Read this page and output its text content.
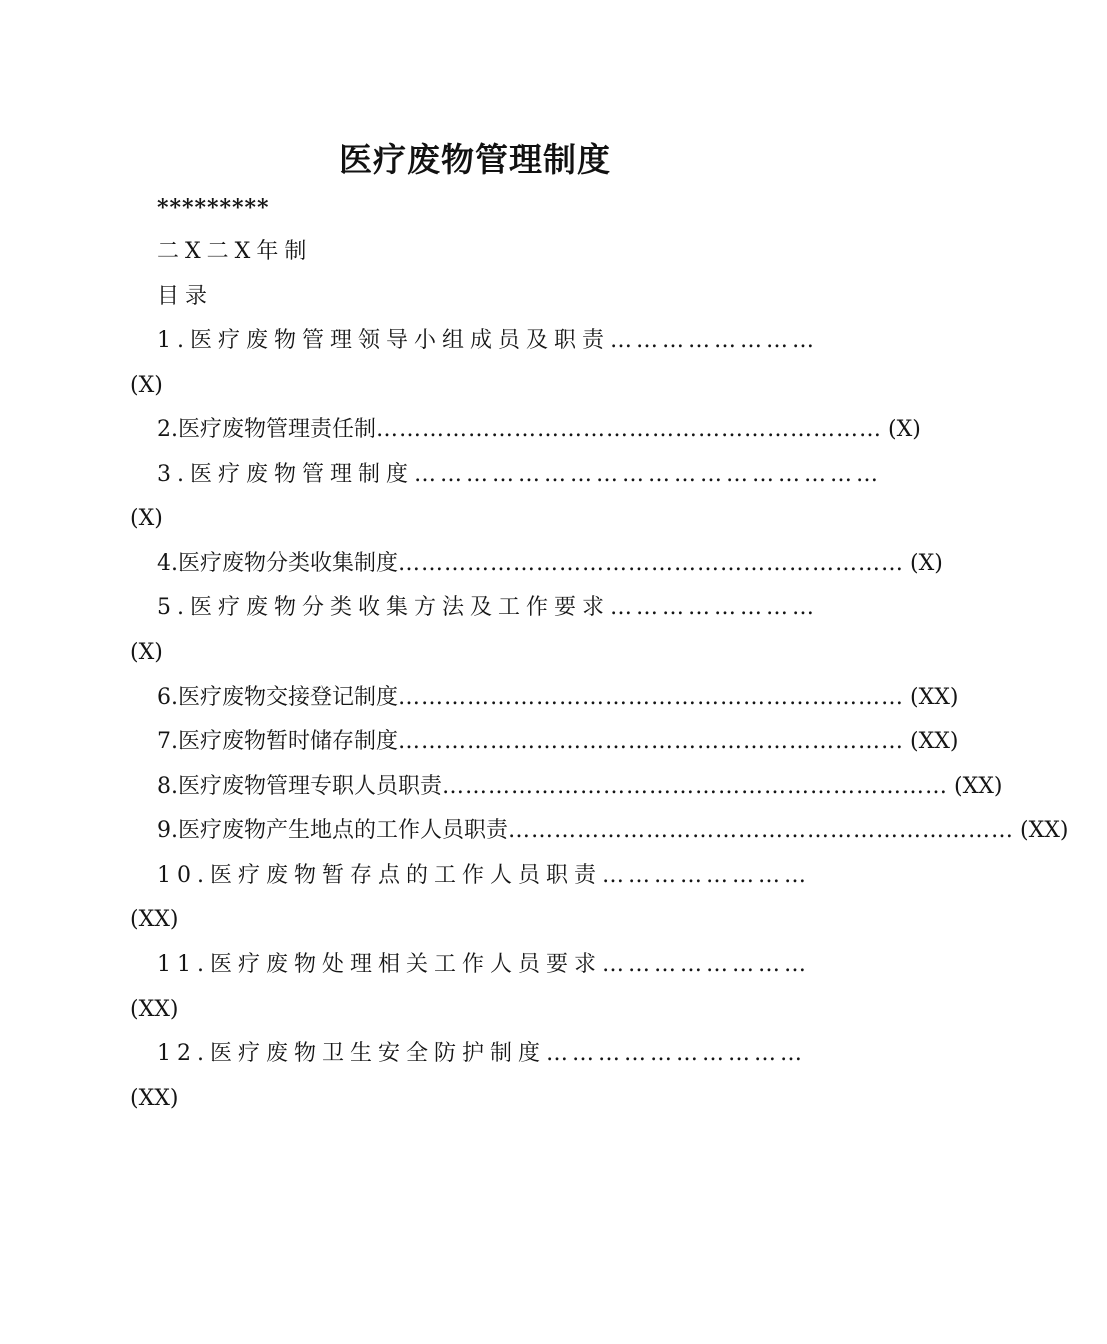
医疗废物管理制度
*********
二X二X年制
目录
1.医疗废物管理领导小组成员及职责 ……………………
(X)
2.医疗废物管理责任制 ………………………………………………………… (X)
3.医疗废物管理制度 ………………………………………………
(X)
4.医疗废物分类收集制度 ………………………………………………………… (X)
5.医疗废物分类收集方法及工作要求 ……………………
(X)
6.医疗废物交接登记制度 ………………………………………………………… (XX)
7.医疗废物暂时储存制度 ………………………………………………………… (XX)
8.医疗废物管理专职人员职责 ………………………………………………………… (XX)
9.医疗废物产生地点的工作人员职责 ………………………………………………………… (XX)
10.医疗废物暂存点的工作人员职责 ……………………
(XX)
11.医疗废物处理相关工作人员要求 ……………………
(XX)
12.医疗废物卫生安全防护制度 …………………………
(XX)
